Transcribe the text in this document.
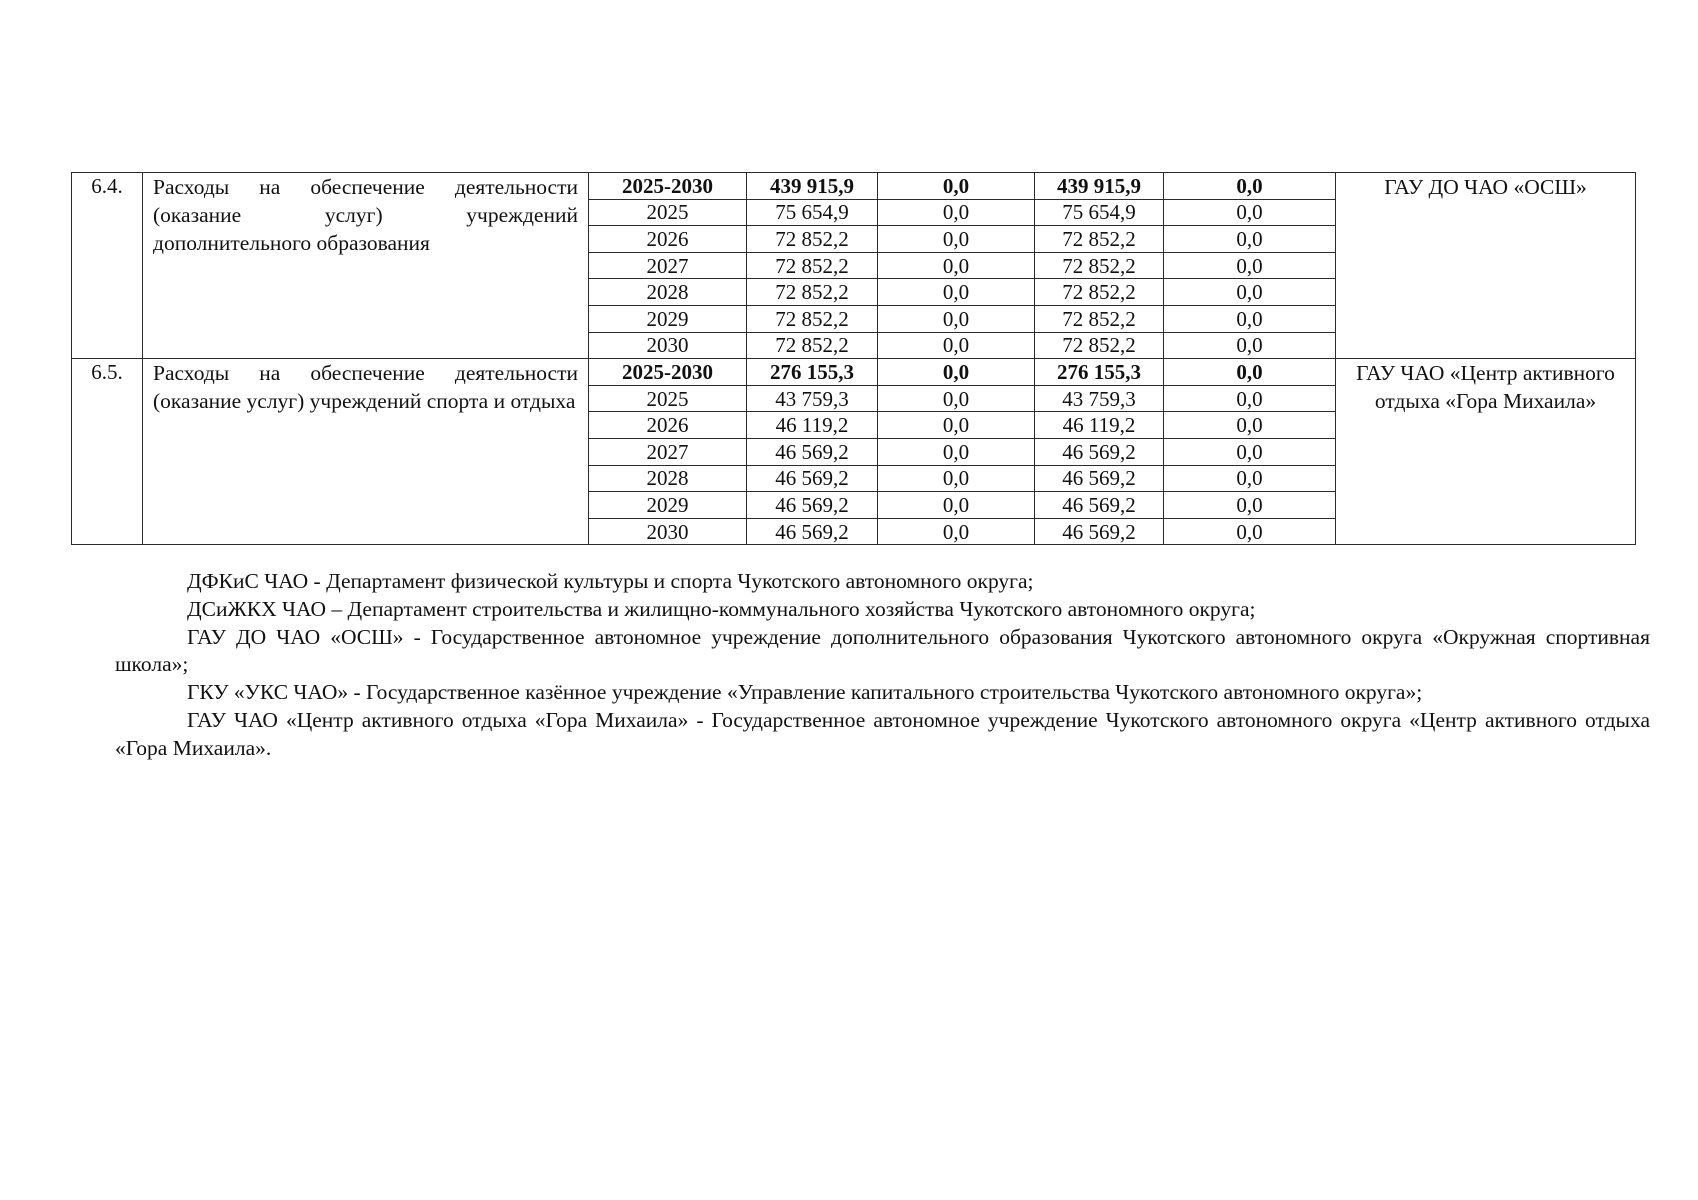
6.4.	Расходы на обеспечение деятельности (оказание услуг) учреждений дополнительного образования	2025-2030	439 915,9	0,0	439 915,9	0,0	ГАУ ДО ЧАО «ОСШ»
		2025	75 654,9	0,0	75 654,9	0,0	
		2026	72 852,2	0,0	72 852,2	0,0	
		2027	72 852,2	0,0	72 852,2	0,0	
		2028	72 852,2	0,0	72 852,2	0,0	
		2029	72 852,2	0,0	72 852,2	0,0	
		2030	72 852,2	0,0	72 852,2	0,0	
6.5.	Расходы на обеспечение деятельности (оказание услуг) учреждений спорта и отдыха	2025-2030	276 155,3	0,0	276 155,3	0,0	ГАУ ЧАО «Центр активного отдыха «Гора Михаила»
		2025	43 759,3	0,0	43 759,3	0,0	
		2026	46 119,2	0,0	46 119,2	0,0	
		2027	46 569,2	0,0	46 569,2	0,0	
		2028	46 569,2	0,0	46 569,2	0,0	
		2029	46 569,2	0,0	46 569,2	0,0	
		2030	46 569,2	0,0	46 569,2	0,0	

ДФКиС ЧАО - Департамент физической культуры и спорта Чукотского автономного округа;

ДСиЖКХ ЧАО – Департамент строительства и жилищно-коммунального хозяйства Чукотского автономного округа;

ГАУ ДО ЧАО «ОСШ» - Государственное автономное учреждение дополнительного образования Чукотского автономного округа «Окружная спортивная школа»;

ГКУ «УКС ЧАО» - Государственное казённое учреждение «Управление капитального строительства Чукотского автономного округа»;

ГАУ ЧАО «Центр активного отдыха «Гора Михаила» - Государственное автономное учреждение Чукотского автономного округа «Центр активного отдыха «Гора Михаила».
